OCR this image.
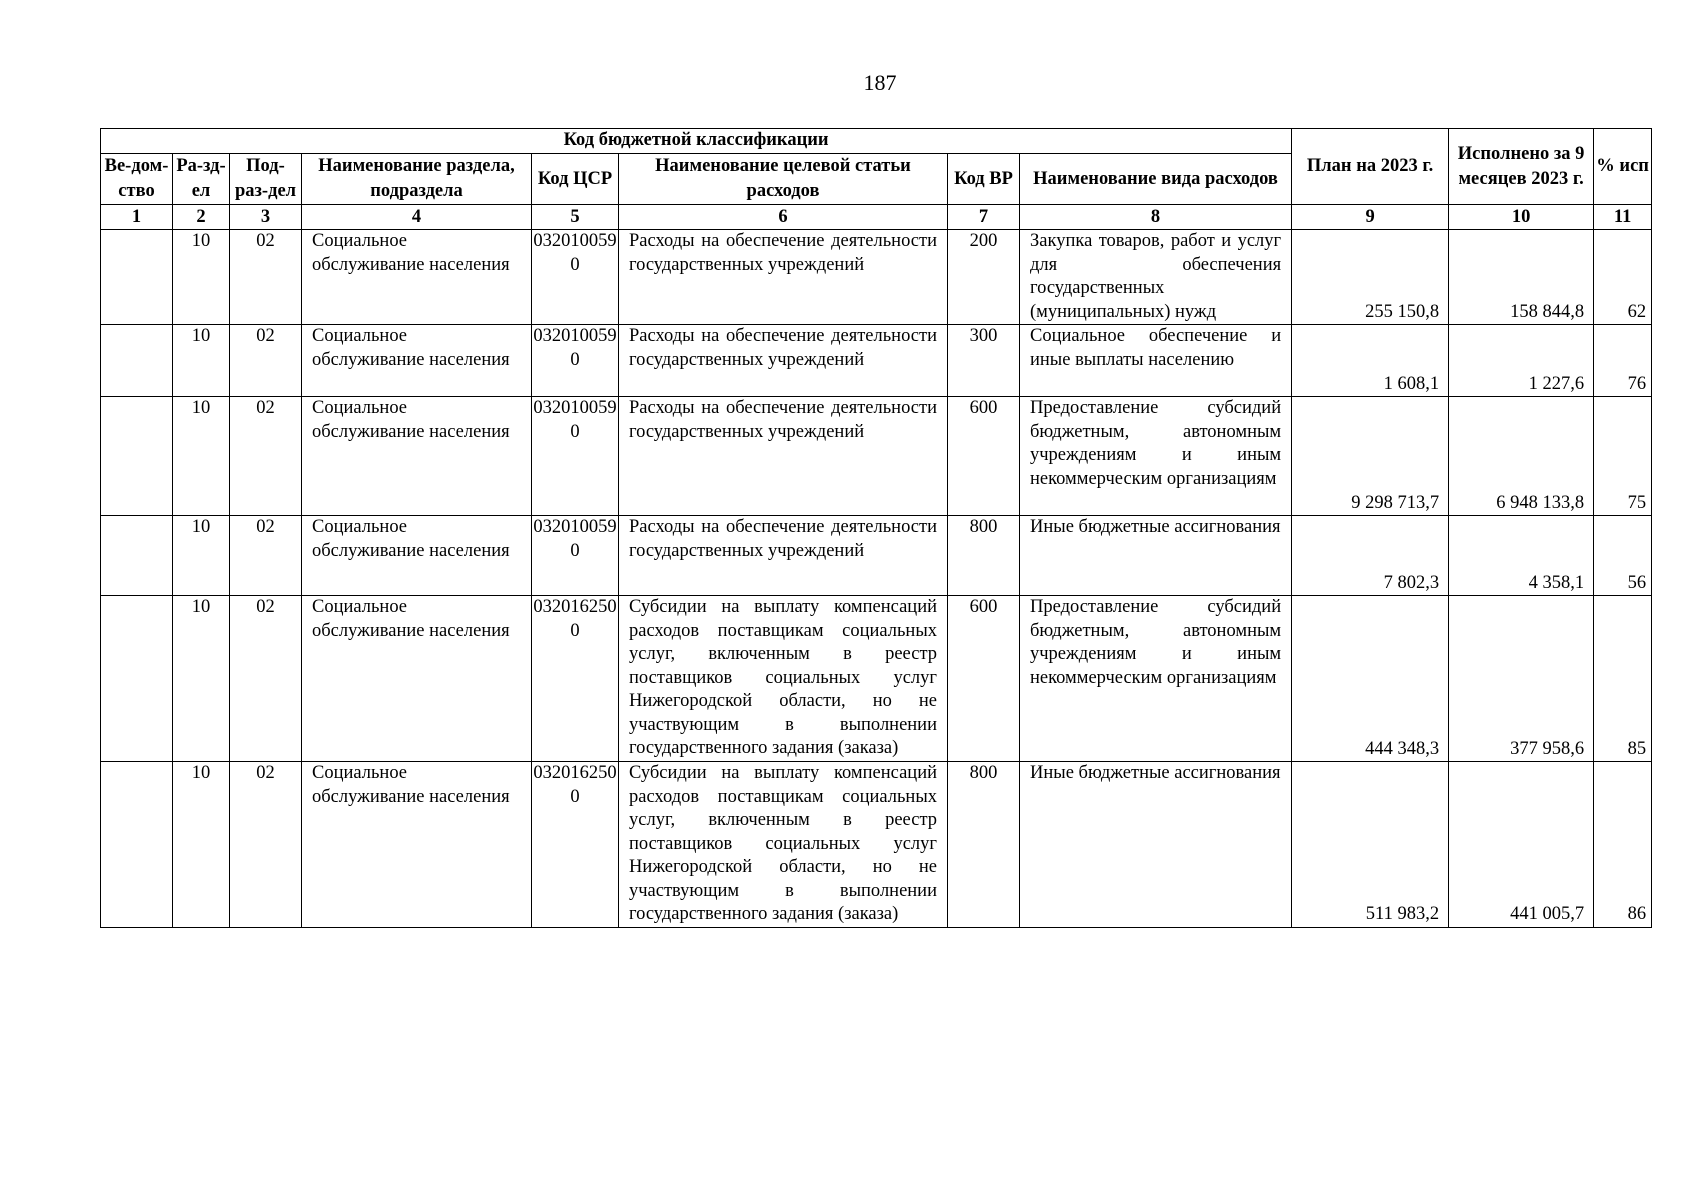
187
Код бюджетной классификации								План на 2023 г.	Исполнено за 9 месяцев 2023 г.	% исп
Ве-дом-ство	Ра-зд-ел	Под-раз-дел	Наименование раздела, подраздела	Код ЦСР	Наименование целевой статьи расходов	Код ВР	Наименование вида расходов			
1	2	3	4	5	6	7	8	9	10	11
	10	02	Социальное обслуживание населения	0320100590	Расходы на обеспечение деятельности государственных учреждений	200	Закупка товаров, работ и услуг для обеспечения государственных (муниципальных) нужд	255 150,8	158 844,8	62
	10	02	Социальное обслуживание населения	0320100590	Расходы на обеспечение деятельности государственных учреждений	300	Социальное обеспечение и иные выплаты населению	1 608,1	1 227,6	76
	10	02	Социальное обслуживание населения	0320100590	Расходы на обеспечение деятельности государственных учреждений	600	Предоставление субсидий бюджетным, автономным учреждениям и иным некоммерческим организациям	9 298 713,7	6 948 133,8	75
	10	02	Социальное обслуживание населения	0320100590	Расходы на обеспечение деятельности государственных учреждений	800	Иные бюджетные ассигнования	7 802,3	4 358,1	56
	10	02	Социальное обслуживание населения	0320162500	Субсидии на выплату компенсаций расходов поставщикам социальных услуг, включенным в реестр поставщиков социальных услуг Нижегородской области, но не участвующим в выполнении государственного задания (заказа)	600	Предоставление субсидий бюджетным, автономным учреждениям и иным некоммерческим организациям	444 348,3	377 958,6	85
	10	02	Социальное обслуживание населения	0320162500	Субсидии на выплату компенсаций расходов поставщикам социальных услуг, включенным в реестр поставщиков социальных услуг Нижегородской области, но не участвующим в выполнении государственного задания (заказа)	800	Иные бюджетные ассигнования	511 983,2	441 005,7	86
